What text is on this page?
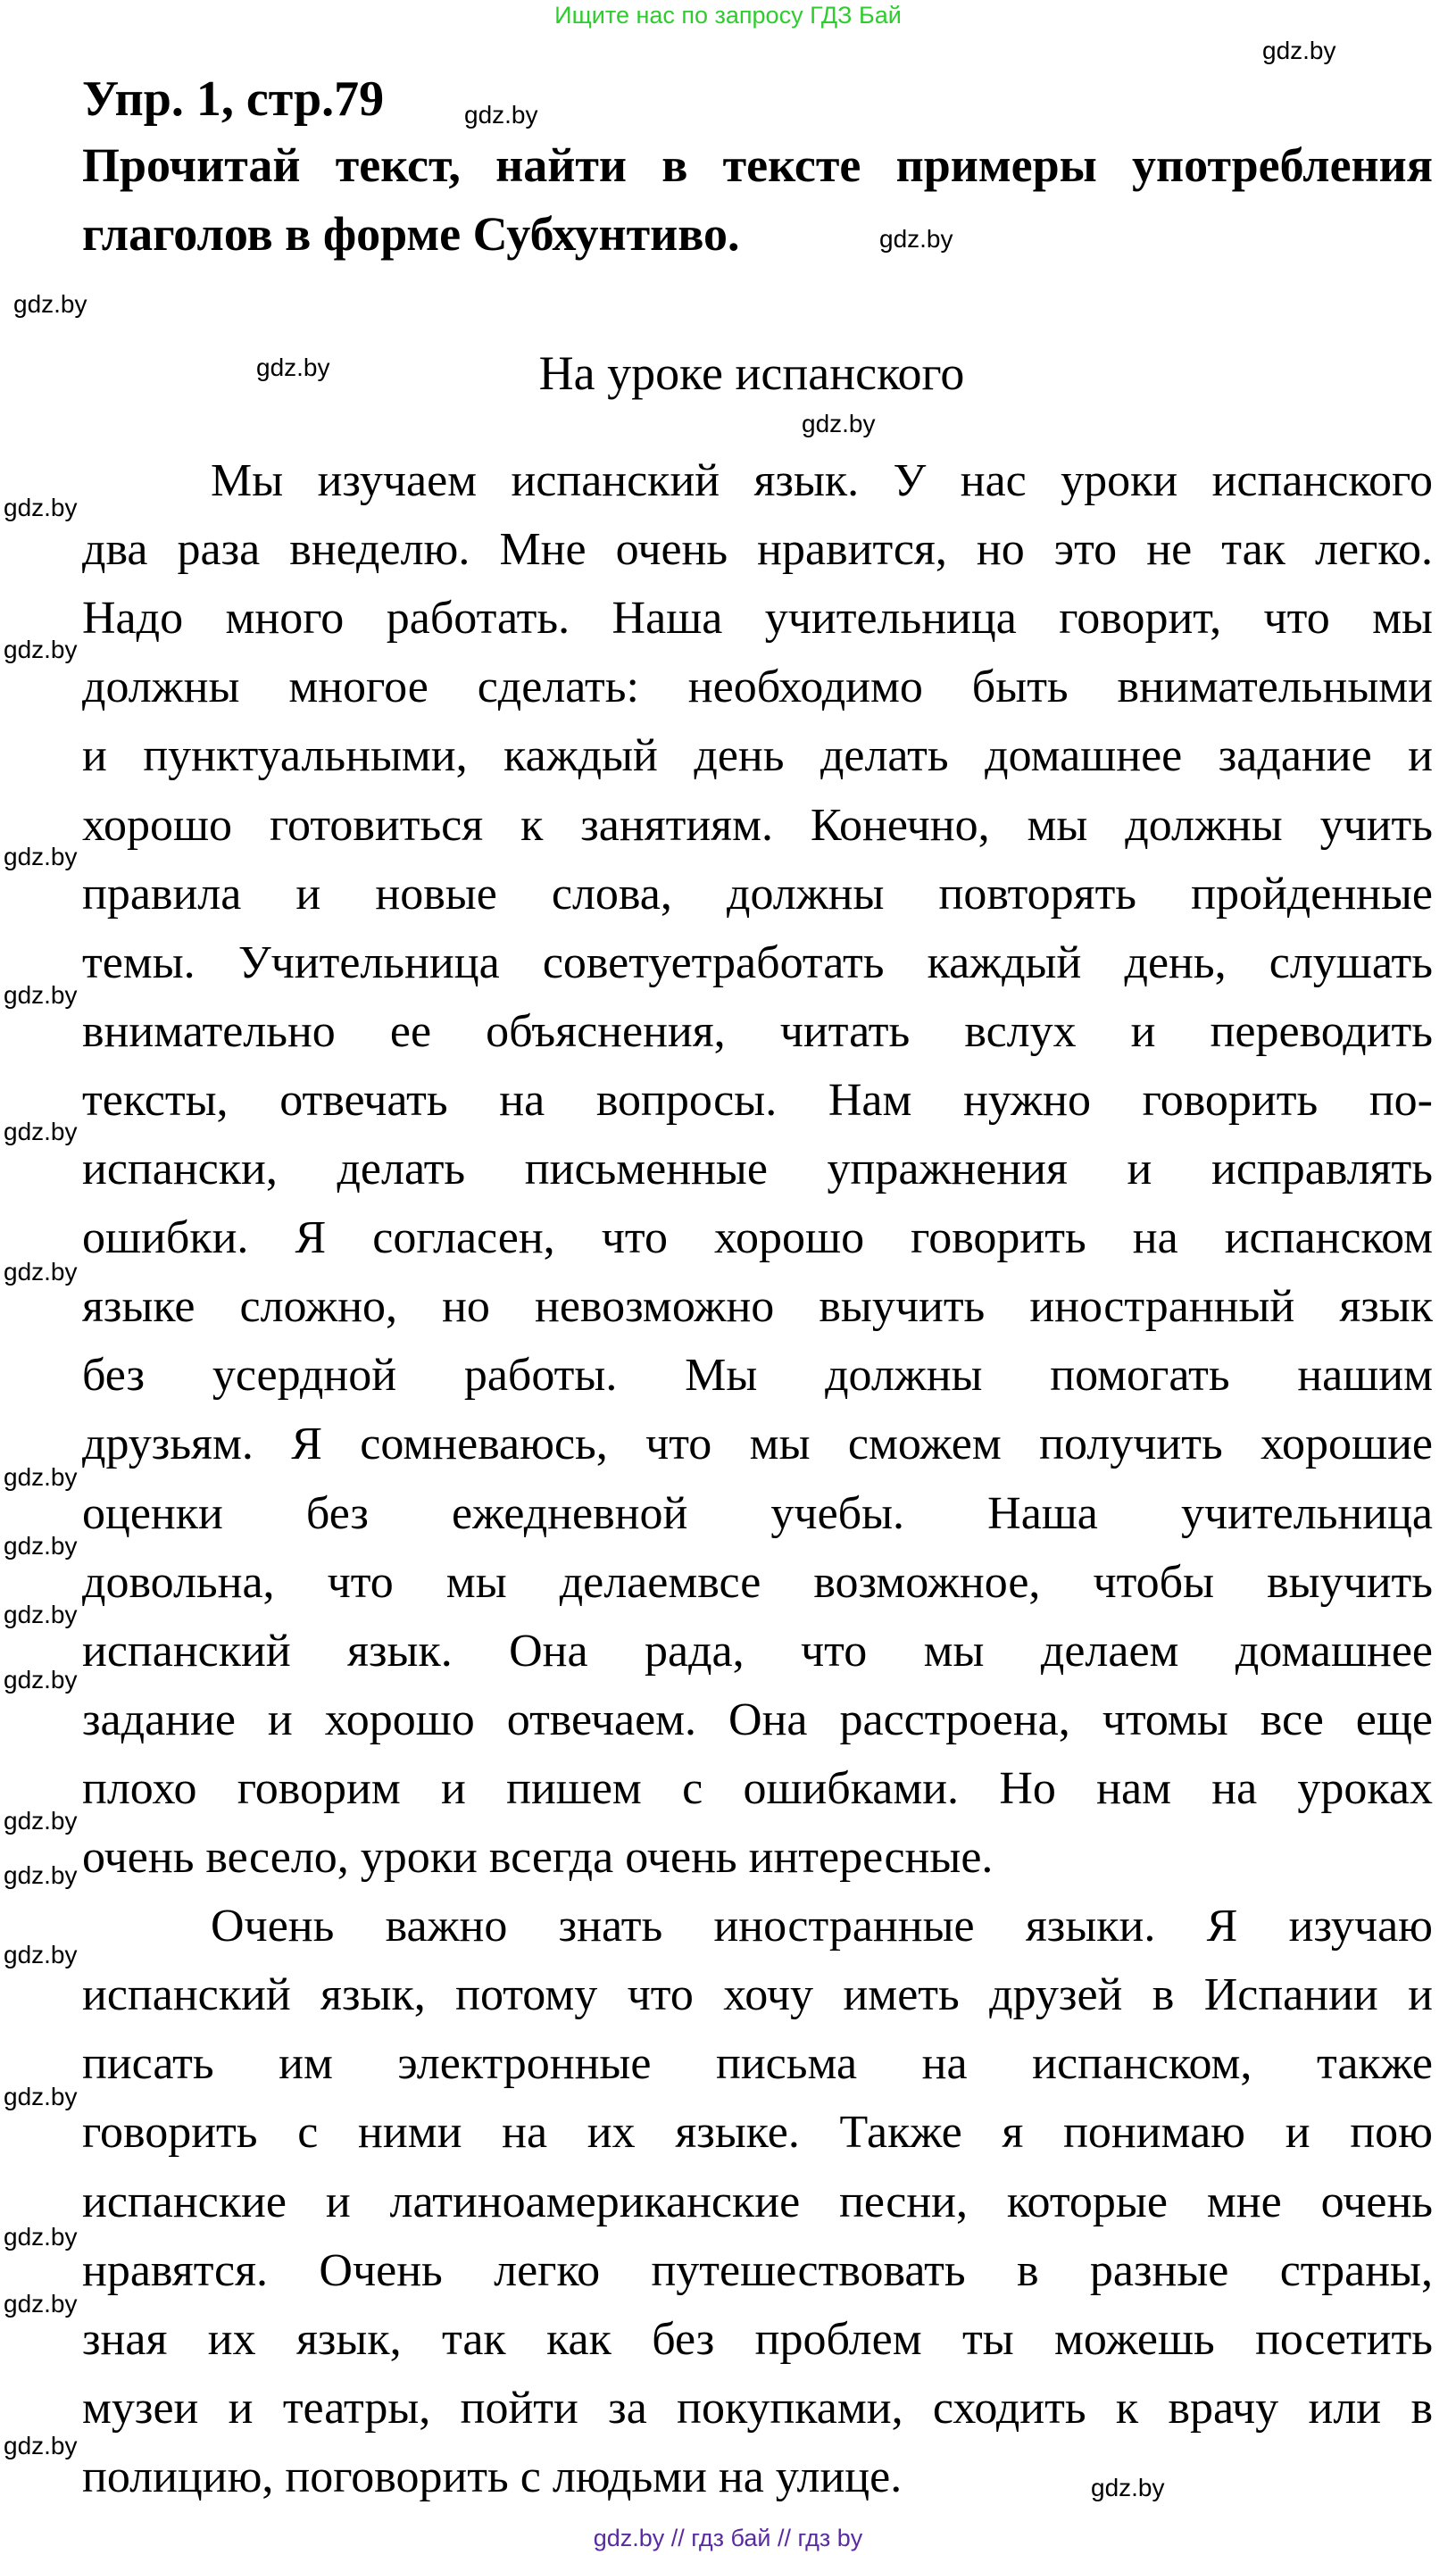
Ищите нас по запросу ГДЗ Бай
Упр. 1, стр.79
Прочитай текст, найти в тексте примеры употребления
глаголов в форме Субхунтиво.
На уроке испанского
Мы изучаем испанский язык. У нас уроки испанского
два раза внеделю. Мне очень нравится, но это не так легко.
Надо много работать. Наша учительница говорит, что мы
должны многое сделать: необходимо быть внимательными
и пунктуальными, каждый день делать домашнее задание и
хорошо готовиться к занятиям. Конечно, мы должны учить
правила и новые слова, должны повторять пройденные
темы. Учительница советуетработать каждый день, слушать
внимательно ее объяснения, читать вслух и переводить
тексты, отвечать на вопросы. Нам нужно говорить по-
испански, делать письменные упражнения и исправлять
ошибки. Я согласен, что хорошо говорить на испанском
языке сложно, но невозможно выучить иностранный язык
без усердной работы. Мы должны помогать нашим
друзьям. Я сомневаюсь, что мы сможем получить хорошие
оценки без ежедневной учебы. Наша учительница
довольна, что мы делаемвсе возможное, чтобы выучить
испанский язык. Она рада, что мы делаем домашнее
задание и хорошо отвечаем. Она расстроена, чтомы все еще
плохо говорим и пишем с ошибками. Но нам на уроках
очень весело, уроки всегда очень интересные.
Очень важно знать иностранные языки. Я изучаю
испанский язык, потому что хочу иметь друзей в Испании и
писать им электронные письма на испанском, также
говорить с ними на их языке. Также я понимаю и пою
испанские и латиноамериканские песни, которые мне очень
нравятся. Очень легко путешествовать в разные страны,
зная их язык, так как без проблем ты можешь посетить
музеи и театры, пойти за покупками, сходить к врачу или в
полицию, поговорить с людьми на улице.
gdz.by
gdz.by
gdz.by
gdz.by
gdz.by
gdz.by
gdz.by
gdz.by
gdz.by
gdz.by
gdz.by
gdz.by
gdz.by
gdz.by
gdz.by
gdz.by
gdz.by
gdz.by
gdz.by
gdz.by
gdz.by
gdz.by
gdz.by
gdz.by
gdz.by // гдз бай // гдз by
